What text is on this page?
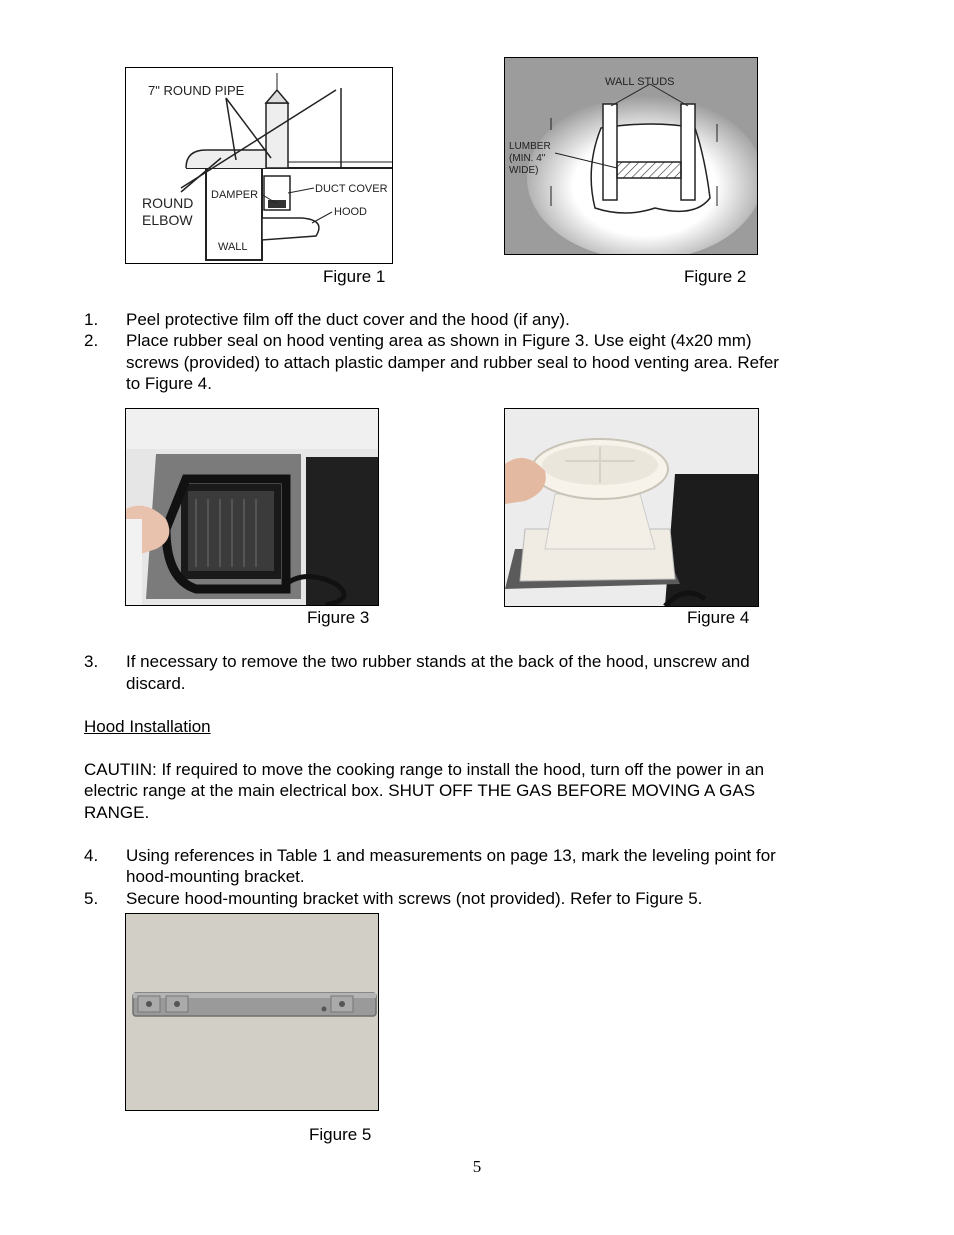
7" ROUND PIPE
ROUND
ELBOW
DAMPER	DUCT COVER
HOOD
WALL
Figure 1
WALL STUDS
LUMBER
(MIN. 4"
WIDE)
Figure 2
1. Peel protective film off the duct cover and the hood (if any).
2. Place rubber seal on hood venting area as shown in Figure 3. Use eight (4x20 mm)
screws (provided) to attach plastic damper and rubber seal to hood venting area. Refer
to Figure 4.
Figure 3	Figure 4
3. If necessary to remove the two rubber stands at the back of the hood, unscrew and
discard.
Hood Installation
CAUTIIN: If required to move the cooking range to install the hood, turn off the power in an
electric range at the main electrical box. SHUT OFF THE GAS BEFORE MOVING A GAS
RANGE.
4. Using references in Table 1 and measurements on page 13, mark the leveling point for
hood-mounting bracket.
5. Secure hood-mounting bracket with screws (not provided). Refer to Figure 5.
Figure 5
5
